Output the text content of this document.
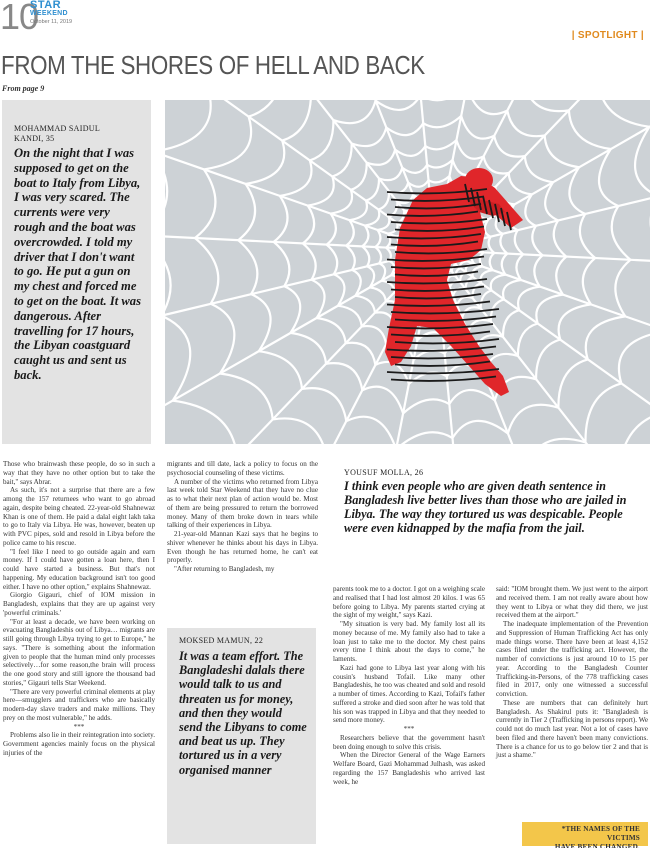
10
STAR
WEEKEND
October 11, 2019
| SPOTLIGHT |
FROM THE SHORES OF HELL AND BACK
From page 9
MOHAMMAD SAIDUL
KANDI, 35
On the night that I was supposed to get on the boat to Italy from Libya, I was very scared. The currents were very rough and the boat was overcrowded. I told my driver that I don't want to go. He put a gun on my chest and forced me to get on the boat. It was dangerous. After travelling for 17 hours, the Libyan coastguard caught us and sent us back.

Those who brainwash these people, do so in such a way that they have no other option but to take the bait," says Abrar.

As such, it's not a surprise that there are a few among the 157 returnees who want to go abroad again, despite being cheated. 22-year-old Shahnewaz Khan is one of them. He paid a dalal eight lakh taka to go to Italy via Libya. He was, however, beaten up with PVC pipes, sold and resold in Libya before the police came to his rescue.

"I feel like I need to go outside again and earn money. If I could have gotten a loan here, then I could have started a business. But that's not happening. My education background isn't too good either. I have no other option," explains Shahnewaz.

Giorgio Gigauri, chief of IOM mission in Bangladesh, explains that they are up against very 'powerful criminals.'

"For at least a decade, we have been working on evacuating Bangladeshis out of Libya… migrants are still going through Libya trying to get to Europe," he says. "There is something about the information given to people that the human mind only processes selectively…for some reason,the brain will process the one good story and still ignore the thousand bad stories," Gigauri tells Star Weekend.

"There are very powerful criminal elements at play here—smugglers and traffickers who are basically modern-day slave traders and make millions. They prey on the most vulnerable," he adds.

***

Problems also lie in their reintegration into society. Government agencies mainly focus on the physical injuries of the

migrants and till date, lack a policy to focus on the psychosocial counseling of these victims.

A number of the victims who returned from Libya last week told Star Weekend that they have no clue as to what their next plan of action would be. Most of them are being pressured to return the borrowed money. Many of them broke down in tears while talking of their experiences in Libya.

21-year-old Mannan Kazi says that he begins to shiver whenever he thinks about his days in Libya. Even though he has returned home, he can't eat properly.

"After returning to Bangladesh, my

MOKSED MAMUN, 22
It was a team effort. The Bangladeshi dalals there would talk to us and threaten us for money, and then they would send the Libyans to come and beat us up. They tortured us in a very organised manner
YOUSUF MOLLA, 26
I think even people who are given death sentence in Bangladesh live better lives than those who are jailed in Libya. The way they tortured us was despicable. People were even kidnapped by the mafia from the jail.

parents took me to a doctor. I got on a weighing scale and realised that I had lost almost 20 kilos. I was 65 before going to Libya. My parents started crying at the sight of my weight," says Kazi.

"My situation is very bad. My family lost all its money because of me. My family also had to take a loan just to take me to the doctor. My chest pains every time I think about the days to come," he laments.

Kazi had gone to Libya last year along with his cousin's husband Tofail. Like many other Bangladeshis, he too was cheated and sold and resold a number of times. According to Kazi, Tofail's father suffered a stroke and died soon after he was told that his son was trapped in Libya and that they needed to send more money.

***

Researchers believe that the government hasn't been doing enough to solve this crisis.

When the Director General of the Wage Earners Welfare Board, Gazi Mohammad Julhash, was asked regarding the 157 Bangladeshis who arrived last week, he

said: "IOM brought them. We just went to the airport and received them. I am not really aware about how they went to Libya or what they did there, we just received them at the airport."

The inadequate implementation of the Prevention and Suppression of Human Trafficking Act has only made things worse. There have been at least 4,152 cases filed under the trafficking act. However, the number of convictions is just around 10 to 15 per year. According to the Bangladesh Counter Trafficking-in-Persons, of the 778 trafficking cases filed in 2017, only one witnessed a successful conviction.

These are numbers that can definitely hurt Bangladesh. As Shakirul puts it: "Bangladesh is currently in Tier 2 (Trafficking in persons report). We could not do much last year. Not a lot of cases have been filed and there haven't been many convictions. There is a chance for us to go below tier 2 and that is just a shame."

*THE NAMES OF THE VICTIMS
HAVE BEEN CHANGED.
